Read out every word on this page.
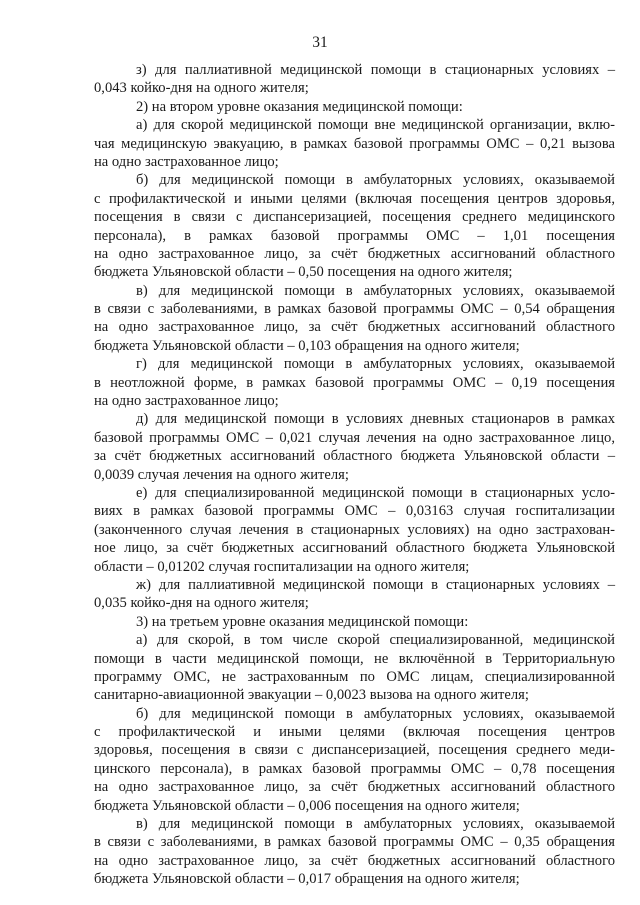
31
з) для паллиативной медицинской помощи в стационарных условиях –
0,043 койко-дня на одного жителя;
2) на втором уровне оказания медицинской помощи:
а) для скорой медицинской помощи вне медицинской организации, вклю-
чая медицинскую эвакуацию, в рамках базовой программы ОМС – 0,21 вызова
на одно застрахованное лицо;
б) для медицинской помощи в амбулаторных условиях, оказываемой
с профилактической и иными целями (включая посещения центров здоровья,
посещения в связи с диспансеризацией, посещения среднего медицинского
персонала), в рамках базовой программы ОМС – 1,01 посещения
на одно застрахованное лицо, за счёт бюджетных ассигнований областного
бюджета Ульяновской области – 0,50 посещения на одного жителя;
в) для медицинской помощи в амбулаторных условиях, оказываемой
в связи с заболеваниями, в рамках базовой программы ОМС – 0,54 обращения
на одно застрахованное лицо, за счёт бюджетных ассигнований областного
бюджета Ульяновской области – 0,103 обращения на одного жителя;
г) для медицинской помощи в амбулаторных условиях, оказываемой
в неотложной форме, в рамках базовой программы ОМС – 0,19 посещения
на одно застрахованное лицо;
д) для медицинской помощи в условиях дневных стационаров в рамках
базовой программы ОМС – 0,021 случая лечения на одно застрахованное лицо,
за счёт бюджетных ассигнований областного бюджета Ульяновской области –
0,0039 случая лечения на одного жителя;
е) для специализированной медицинской помощи в стационарных усло-
виях в рамках базовой программы ОМС – 0,03163 случая госпитализации
(законченного случая лечения в стационарных условиях) на одно застрахован-
ное лицо, за счёт бюджетных ассигнований областного бюджета Ульяновской
области – 0,01202 случая госпитализации на одного жителя;
ж) для паллиативной медицинской помощи в стационарных условиях –
0,035 койко-дня на одного жителя;
3) на третьем уровне оказания медицинской помощи:
а) для скорой, в том числе скорой специализированной, медицинской
помощи в части медицинской помощи, не включённой в Территориальную
программу ОМС, не застрахованным по ОМС лицам, специализированной
санитарно-авиационной эвакуации – 0,0023 вызова на одного жителя;
б) для медицинской помощи в амбулаторных условиях, оказываемой
с профилактической и иными целями (включая посещения центров
здоровья, посещения в связи с диспансеризацией, посещения среднего меди-
цинского персонала), в рамках базовой программы ОМС – 0,78 посещения
на одно застрахованное лицо, за счёт бюджетных ассигнований областного
бюджета Ульяновской области – 0,006 посещения на одного жителя;
в) для медицинской помощи в амбулаторных условиях, оказываемой
в связи с заболеваниями, в рамках базовой программы ОМС – 0,35 обращения
на одно застрахованное лицо, за счёт бюджетных ассигнований областного
бюджета Ульяновской области – 0,017 обращения на одного жителя;
